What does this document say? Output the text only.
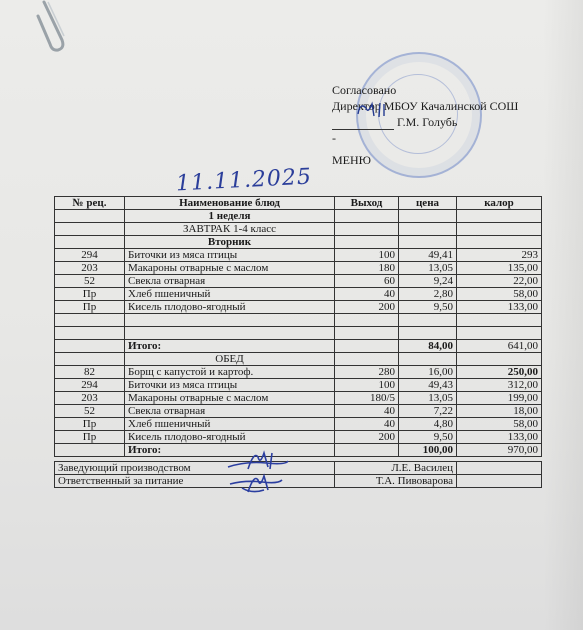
Согласовано
Директор МБОУ Качалинской СОШ
Г.М. Голубь
-
МЕНЮ
11.11.2025
№ рец.	Наименование блюд	Выход	цена	калор
	1 неделя			
	ЗАВТРАК 1-4 класс			
	Вторник			
294	Биточки из мяса птицы	100	49,41	293
203	Макароны отварные с маслом	180	13,05	135,00
52	Свекла отварная	60	9,24	22,00
Пр	Хлеб пшеничный	40	2,80	58,00
Пр	Кисель плодово-ягодный	200	9,50	133,00

	Итого:		84,00	641,00
	ОБЕД			
82	Борщ с капустой и картоф.	280	16,00	250,00
294	Биточки из мяса птицы	100	49,43	312,00
203	Макароны отварные с маслом	180/5	13,05	199,00
52	Свекла отварная	40	7,22	18,00
Пр	Хлеб пшеничный	40	4,80	58,00
Пр	Кисель плодово-ягодный	200	9,50	133,00
	Итого:		100,00	970,00
Заведующий производством	Л.Е. Василец	
Ответственный за питание	Т.А. Пивоварова	
